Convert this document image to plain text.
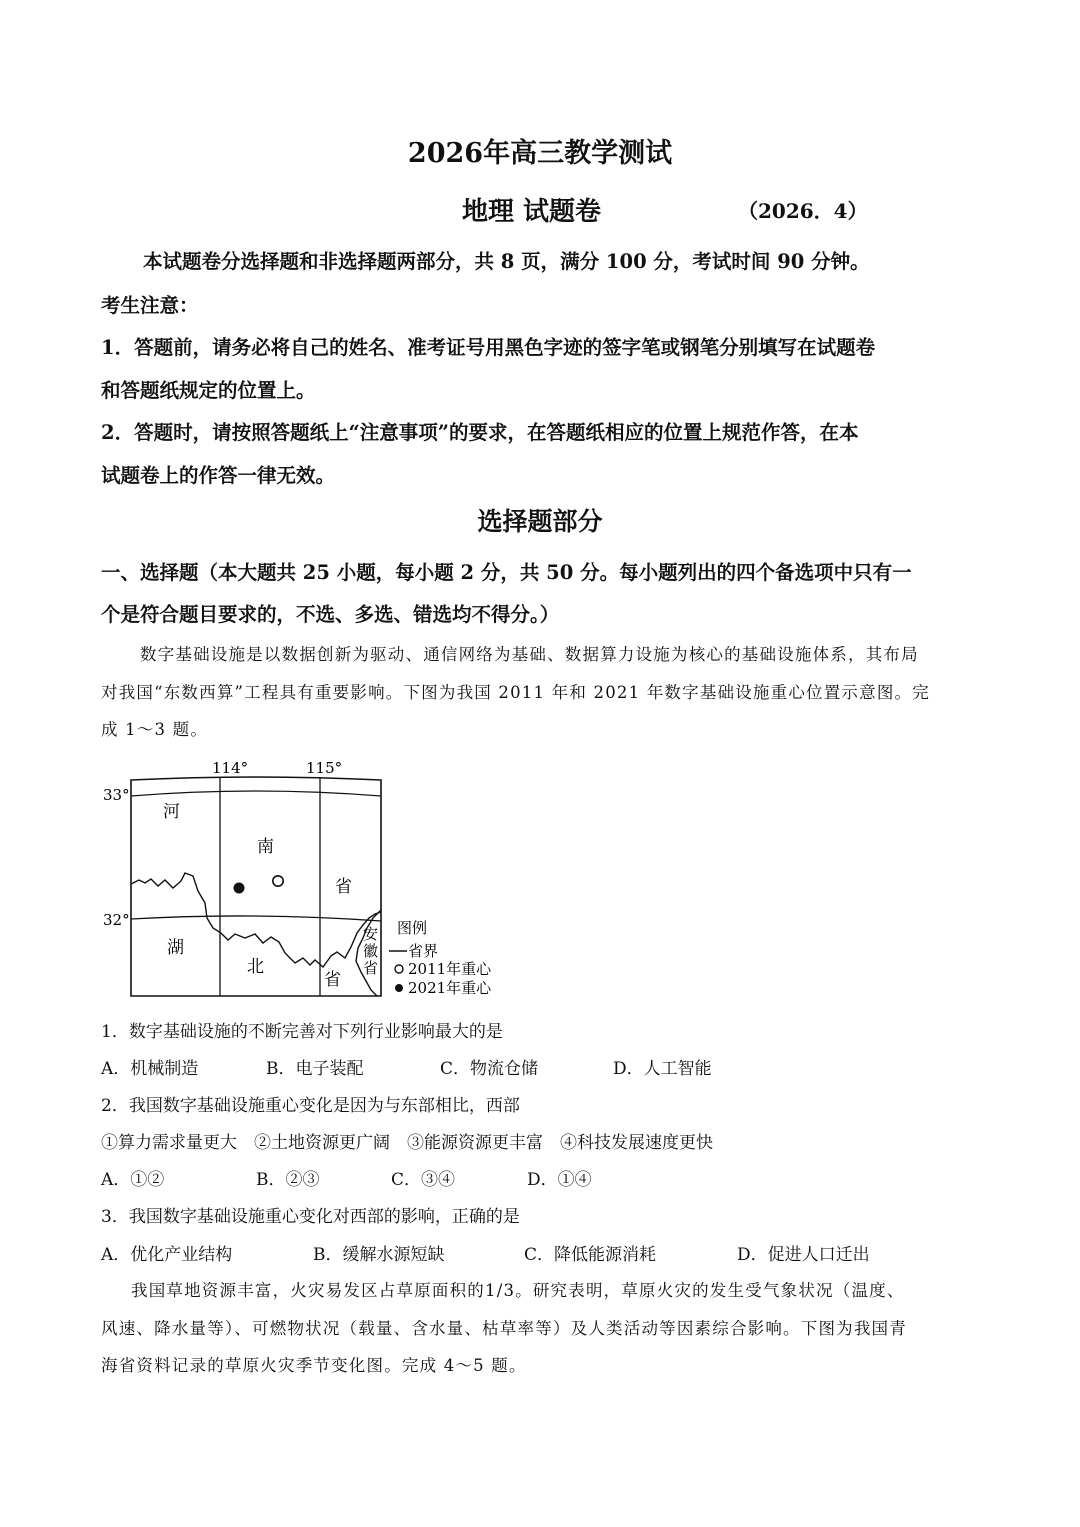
2026年高三教学测试
地理 试题卷	（2026．4）
本试题卷分选择题和非选择题两部分，共 8 页，满分 100 分，考试时间 90 分钟。
考生注意：
1．答题前，请务必将自己的姓名、准考证号用黑色字迹的签字笔或钢笔分别填写在试题卷
和答题纸规定的位置上。
2．答题时，请按照答题纸上“注意事项”的要求，在答题纸相应的位置上规范作答，在本
试题卷上的作答一律无效。
选择题部分
一、选择题（本大题共 25 小题，每小题 2 分，共 50 分。每小题列出的四个备选项中只有一
个是符合题目要求的，不选、多选、错选均不得分。）
数字基础设施是以数据创新为驱动、通信网络为基础、数据算力设施为核心的基础设施体系，其布局
对我国“东数西算”工程具有重要影响。下图为我国 2011 年和 2021 年数字基础设施重心位置示意图。完
成 1～3 题。
114°	115°
33°
32°
河
南
省
湖
北
省
安
徽
省
图例
省界
2011年重心
2021年重心
1．数字基础设施的不断完善对下列行业影响最大的是
A．机械制造	B．电子装配	C．物流仓储	D．人工智能
2．我国数字基础设施重心变化是因为与东部相比，西部
①算力需求量更大　②土地资源更广阔　③能源资源更丰富　④科技发展速度更快
A．①②	B．②③	C．③④	D．①④
3．我国数字基础设施重心变化对西部的影响，正确的是
A．优化产业结构	B．缓解水源短缺	C．降低能源消耗	D．促进人口迁出
我国草地资源丰富，火灾易发区占草原面积的1/3。研究表明，草原火灾的发生受气象状况（温度、
风速、降水量等）、可燃物状况（载量、含水量、枯草率等）及人类活动等因素综合影响。下图为我国青
海省资料记录的草原火灾季节变化图。完成 4～5 题。
